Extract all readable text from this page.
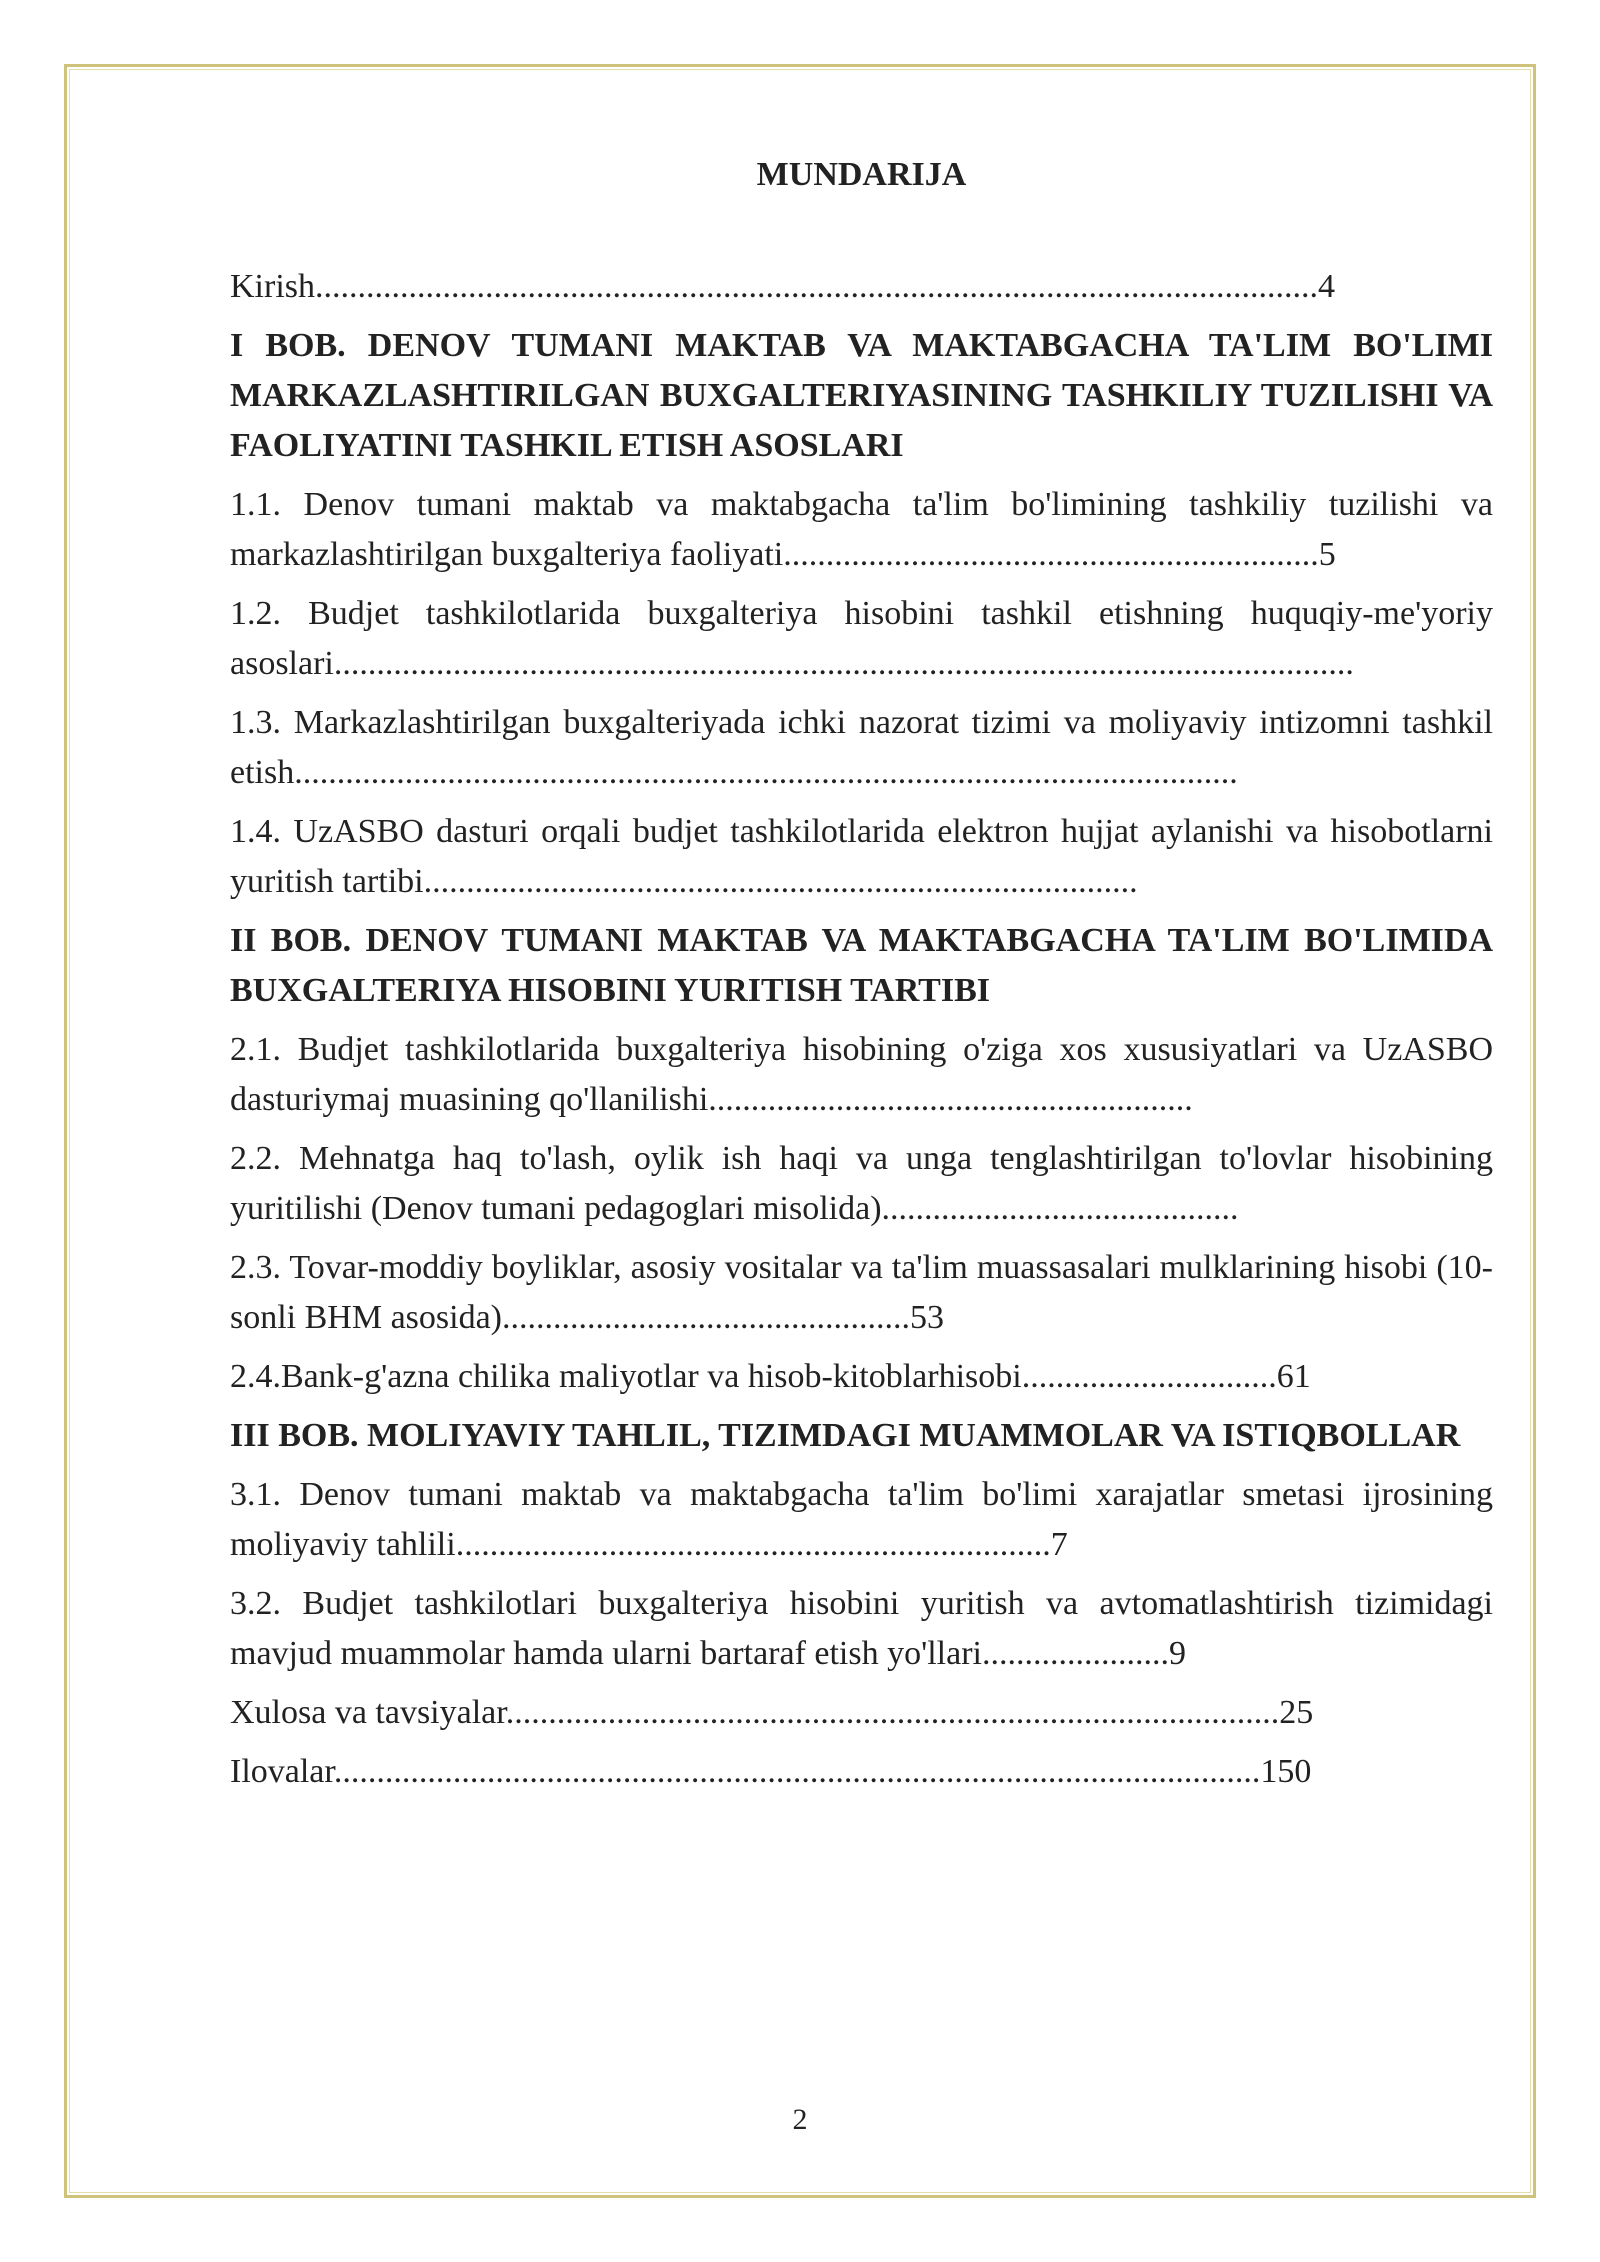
MUNDARIJA
Kirish......................................................................................................................4
I BOB. DENOV TUMANI MAKTAB VA MAKTABGACHA TA'LIM BO'LIMI MARKAZLASHTIRILGAN BUXGALTERIYASINING TASHKILIY TUZILISHI VA FAOLIYATINI TASHKIL ETISH ASOSLARI
1.1. Denov tumani maktab va maktabgacha ta'lim bo'limining tashkiliy tuzilishi va markazlashtirilgan buxgalteriya faoliyati...............................................................5
1.2. Budjet tashkilotlarida buxgalteriya hisobini tashkil etishning huquqiy-me'yoriy asoslari........................................................................................................................
1.3. Markazlashtirilgan buxgalteriyada ichki nazorat tizimi va moliyaviy intizomni tashkil etish...............................................................................................................
1.4. UzASBO dasturi orqali budjet tashkilotlarida elektron hujjat aylanishi va hisobotlarni yuritish tartibi....................................................................................
II BOB. DENOV TUMANI MAKTAB VA MAKTABGACHA TA'LIM BO'LIMIDA BUXGALTERIYA HISOBINI YURITISH TARTIBI
2.1. Budjet tashkilotlarida buxgalteriya hisobining o'ziga xos xususiyatlari va UzASBO dasturiymaj muasining qo'llanilishi.........................................................
2.2. Mehnatga haq to'lash, oylik ish haqi va unga tenglashtirilgan to'lovlar hisobining yuritilishi (Denov tumani pedagoglari misolida)..........................................
2.3. Tovar-moddiy boyliklar, asosiy vositalar va ta'lim muassasalari mulklarining hisobi (10-sonli BHM asosida)................................................53
2.4.Bank-g'azna chilika maliyotlar va hisob-kitoblarhisobi..............................61
III BOB. MOLIYAVIY TAHLIL, TIZIMDAGI MUAMMOLAR VA ISTIQBOLLAR
3.1. Denov tumani maktab va maktabgacha ta'lim bo'limi xarajatlar smetasi ijrosining moliyaviy tahlili......................................................................7
3.2. Budjet tashkilotlari buxgalteriya hisobini yuritish va avtomatlashtirish tizimidagi mavjud muammolar hamda ularni bartaraf etish yo'llari......................9
Xulosa va tavsiyalar...........................................................................................25
Ilovalar.............................................................................................................150
2
